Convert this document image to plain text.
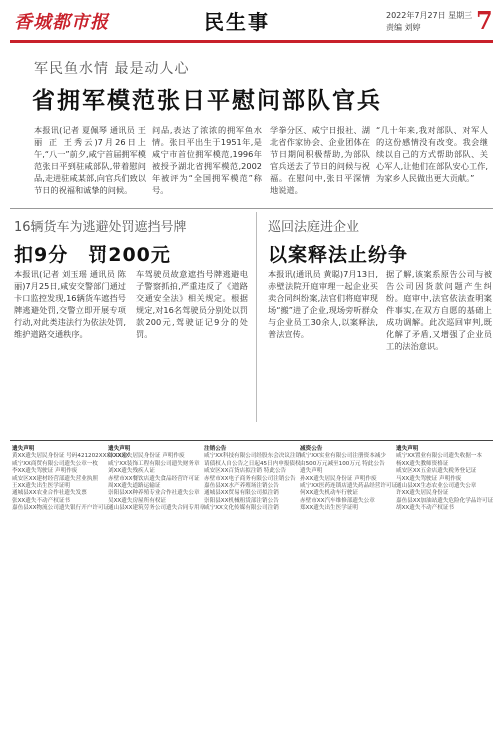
香城都市报	民生事	2022年7月27日 星期三
责编 刘婷 7
军民鱼水情 最是动人心
省拥军模范张日平慰问部队官兵
本报讯(记者 夏佩琴 通讯员 王丽 正 王秀云)7月26日上午,“八一”前夕,咸宁首届拥军模范张日平到驻咸部队,带着慰问品,走进驻咸某部,向官兵们致以节日的祝福和诚挚的问候。
问品,表达了浓浓的拥军鱼水情。张日平出生于1951年,是咸宁市首位拥军模范,1996年被授予湖北省拥军模范,2002年被评为“全国拥军模范”称号。
学拳分区、咸宁日报社、湖北省作家协会、企业团体在节日期间积极帮助,为部队官兵送去了节日的问候与祝福。在慰问中,张日平深情地说道。
“几十年来,我对部队、对军人的这份感情没有改变。我会继续以自己的方式帮助部队、关心军人,让他们在部队安心工作,为家乡人民做出更大贡献。”
16辆货车为逃避处罚遮挡号牌
扣9分　罚200元
本报讯(记者 刘玉瑶 通讯员 陈丽)7月25日,咸安交警部门通过卡口监控发现,16辆货车遮挡号牌逃避处罚,交警立即开展专项行动,对此类违法行为依法处罚,维护道路交通秩序。
车驾驶员故意遮挡号牌逃避电子警察抓拍,严重违反了《道路交通安全法》相关规定。根据规定,对16名驾驶员分别处以罚款200元,驾驶证记9分的处罚。
巡回法庭进企业
以案释法止纷争
本报讯(通讯员 黄聪)7月13日,赤壁法院开庭审理一起企业买卖合同纠纷案,法官们将庭审现场“搬”进了企业,现场旁听群众与企业员工30余人,以案释法,普法宣传。
据了解,该案系原告公司与被告公司因货款问题产生纠纷。庭审中,法官依法查明案件事实,在双方自愿的基础上成功调解。此次巡回审判,既化解了矛盾,又增强了企业员工的法治意识。
遗失声明
黄XX遗失居民身份证 号码421202XXXXXXXX
咸宁XX商贸有限公司遗失公章一枚
李XX遗失驾驶证 声明作废
咸安区XX建材经营部遗失营业执照
王XX遗失出生医学证明
通城县XX农业合作社遗失发票
张XX遗失不动产权证书
嘉鱼县XX物流公司遗失银行开户许可证
遗失声明
陈XX遗失居民身份证 声明作废
咸宁XX装饰工程有限公司遗失财务章
刘XX遗失残疾人证
赤壁市XX餐饮店遗失食品经营许可证
周XX遗失道路运输证
崇阳县XX种养殖专业合作社遗失公章
吴XX遗失房屋所有权证
通山县XX建筑劳务公司遗失合同专用章
注销公告
咸宁XX科技有限公司经股东会决议注销
请债权人自公告之日起45日内申报债权
咸安区XX百货店拟注销 特此公告
赤壁市XX电子商务有限公司注销公告
嘉鱼县XX水产养殖场注销公告
通城县XX贸易有限公司拟注销
崇阳县XX机械租赁部注销公告
咸宁XX文化传媒有限公司注销
减资公告
咸宁XX实业有限公司注册资本减少
由500万元减至100万元 特此公告
遗失声明
孙XX遗失居民身份证 声明作废
咸宁XX医药连锁店遗失药品经营许可证
何XX遗失机动车行驶证
赤壁市XX汽车维修部遗失公章
郑XX遗失出生医学证明
遗失声明
咸宁XX置业有限公司遗失收据一本
杨XX遗失教师资格证
咸安区XX五金店遗失税务登记证
马XX遗失驾驶证 声明作废
通山县XX生态农业公司遗失公章
许XX遗失居民身份证
嘉鱼县XX加油站遗失危险化学品许可证
胡XX遗失不动产权证书
